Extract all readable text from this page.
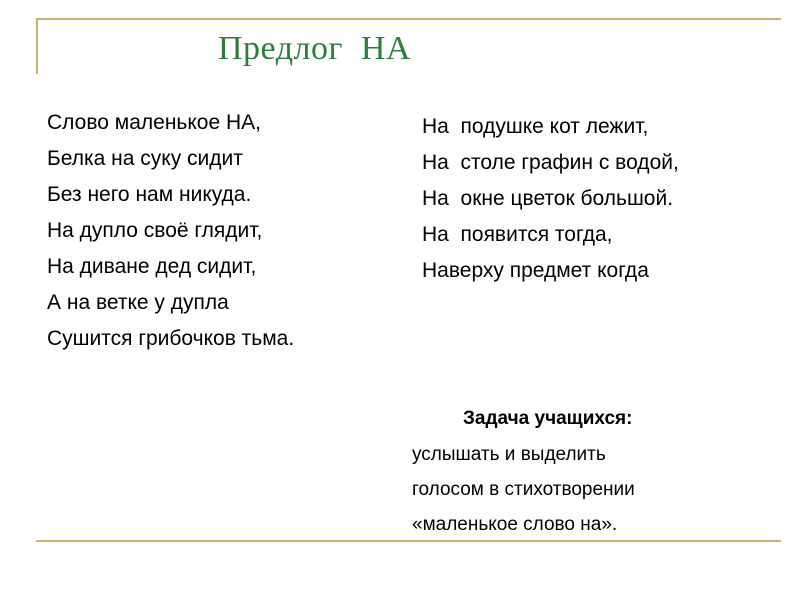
Предлог  НА
Слово маленькое НА,
Белка на суку сидит
Без него нам никуда.
На дупло своё глядит,
На диване дед сидит,
А на ветке у дупла
Сушится грибочков тьма.
На  подушке кот лежит,
На  столе графин с водой,
На  окне цветок большой.
На  появится тогда,
Наверху предмет когда
Задача учащихся:
услышать и выделить
голосом в стихотворении
«маленькое слово на».
